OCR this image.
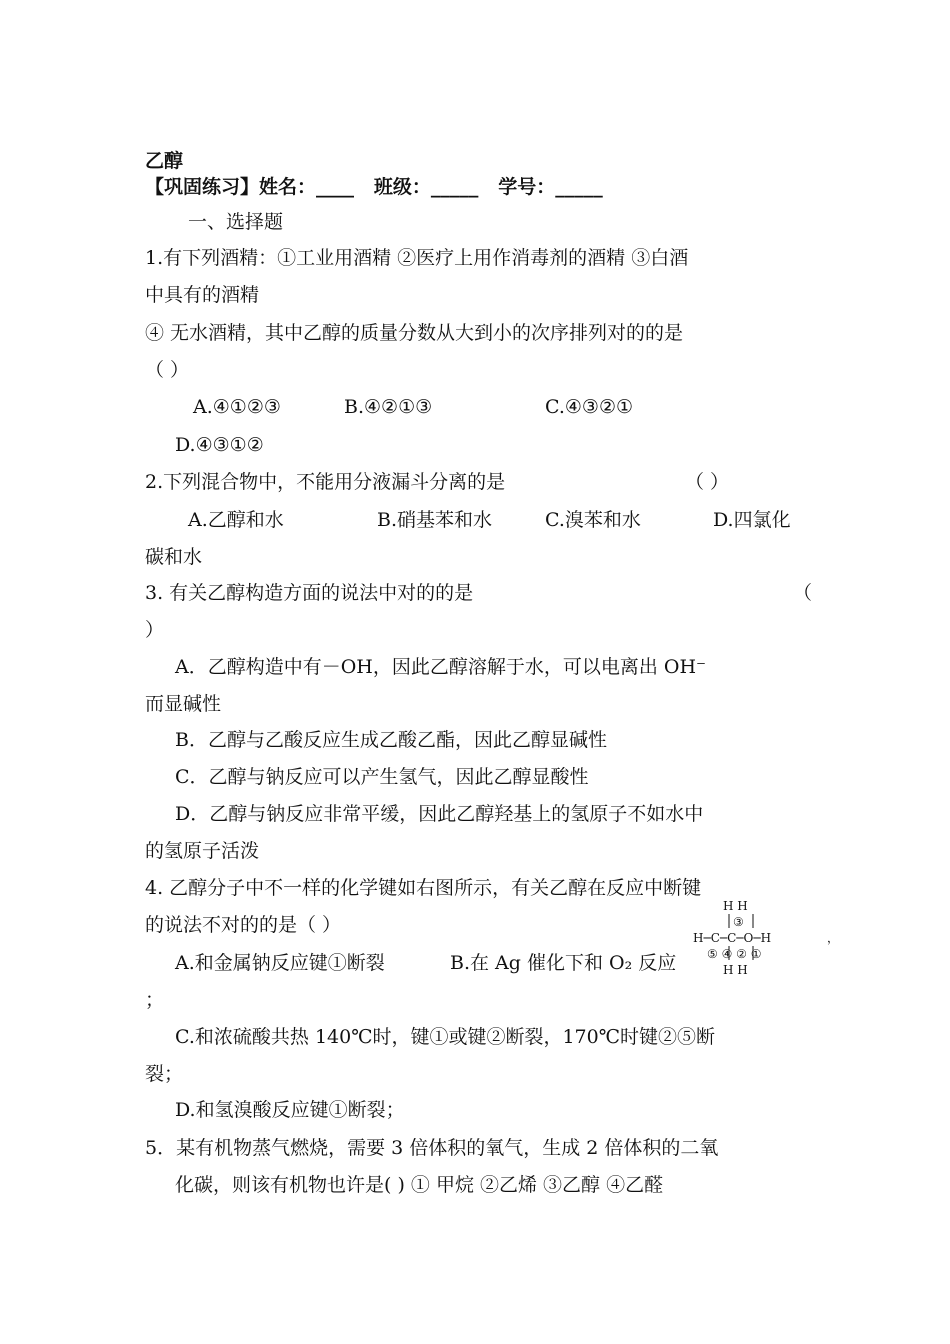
乙醇
【巩固练习】姓名：____ 班级：_____ 学号：_____
一、选择题
1.有下列酒精：①工业用酒精 ②医疗上用作消毒剂的酒精 ③白酒
中具有的酒精
④ 无水酒精，其中乙醇的质量分数从大到小的次序排列对的的是
（ ）
A.④①②③	B.④②①③	C.④③②①
D.④③①②
2.下列混合物中，不能用分液漏斗分离的是	（ ）
A.乙醇和水	B.硝基苯和水	C.溴苯和水	D.四氯化
碳和水
3. 有关乙醇构造方面的说法中对的的是	（
）
A．乙醇构造中有－OH，因此乙醇溶解于水，可以电离出 OH⁻
而显碱性
B．乙醇与乙酸反应生成乙酸乙酯，因此乙醇显碱性
C．乙醇与钠反应可以产生氢气，因此乙醇显酸性
D．乙醇与钠反应非常平缓，因此乙醇羟基上的氢原子不如水中
的氢原子活泼
4. 乙醇分子中不一样的化学键如右图所示，有关乙醇在反应中断键
的说法不对的的是（ ）
A.和金属钠反应键①断裂	B.在 Ag 催化下和 O₂ 反应
；
C.和浓硫酸共热 140℃时，键①或键②断裂，170℃时键②⑤断
裂；
D.和氢溴酸反应键①断裂；
5．某有机物蒸气燃烧，需要 3 倍体积的氧气，生成 2 倍体积的二氧
化碳，则该有机物也许是( ) ① 甲烷 ②乙烯 ③乙醇 ④乙醛
H H
③
H─C─C─O─H	，
⑤ ④ ② ①
H H
